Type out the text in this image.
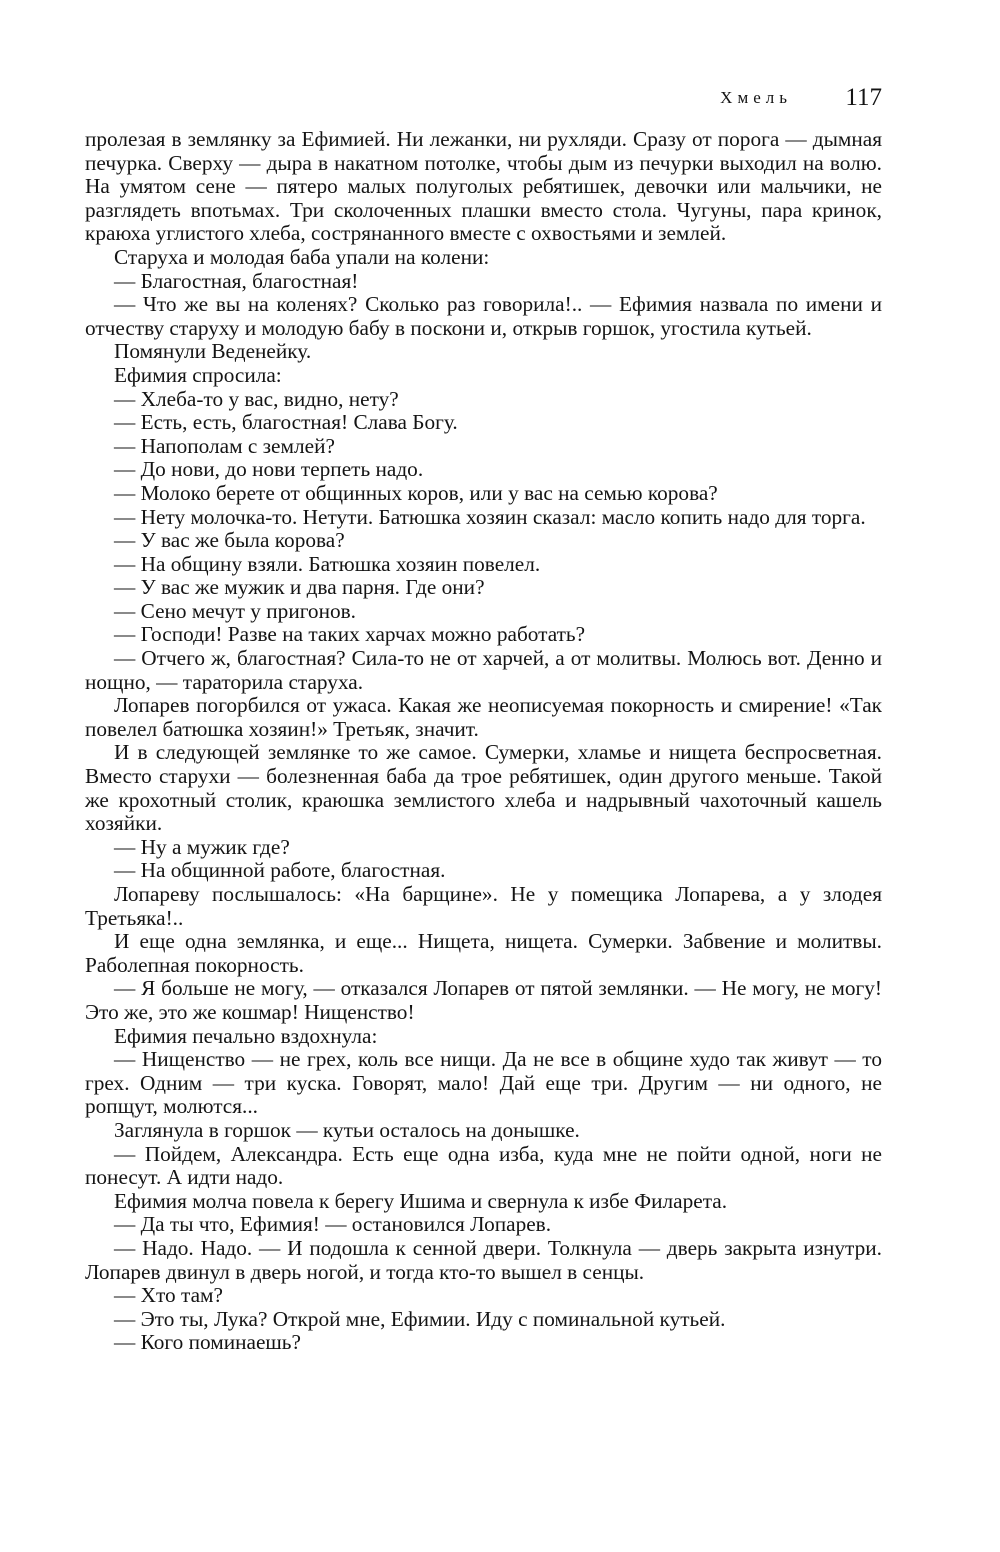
Хмель 117

пролезая в землянку за Ефимией. Ни лежанки, ни рухляди. Сразу от порога — дымная печурка. Сверху — дыра в накатном потолке, чтобы дым из печурки выходил на волю. На умятом сене — пятеро малых полуголых ребятишек, девочки или мальчики, не разглядеть впотьмах. Три сколоченных плашки вместо стола. Чугуны, пара кринок, краюха углистого хлеба, сострянанного вместе с охвостьями и землей.

Старуха и молодая баба упали на колени:

— Благостная, благостная!

— Что же вы на коленях? Сколько раз говорила!.. — Ефимия назвала по имени и отчеству старуху и молодую бабу в поскони и, открыв горшок, угостила кутьей.

Помянули Веденейку.

Ефимия спросила:

— Хлеба-то у вас, видно, нету?

— Есть, есть, благостная! Слава Богу.

— Напополам с землей?

— До нови, до нови терпеть надо.

— Молоко берете от общинных коров, или у вас на семью корова?

— Нету молочка-то. Нетути. Батюшка хозяин сказал: масло копить надо для торга.

— У вас же была корова?

— На общину взяли. Батюшка хозяин повелел.

— У вас же мужик и два парня. Где они?

— Сено мечут у пригонов.

— Господи! Разве на таких харчах можно работать?

— Отчего ж, благостная? Сила-то не от харчей, а от молитвы. Молюсь вот. Денно и нощно, — тараторила старуха.

Лопарев погорбился от ужаса. Какая же неописуемая покорность и смирение! «Так повелел батюшка хозяин!» Третьяк, значит.

И в следующей землянке то же самое. Сумерки, хламье и нищета беспросветная. Вместо старухи — болезненная баба да трое ребятишек, один другого меньше. Такой же крохотный столик, краюшка землистого хлеба и надрывный чахоточный кашель хозяйки.

— Ну а мужик где?

— На общинной работе, благостная.

Лопареву послышалось: «На барщине». Не у помещика Лопарева, а у злодея Третьяка!..

И еще одна землянка, и еще... Нищета, нищета. Сумерки. Забвение и молитвы. Раболепная покорность.

— Я больше не могу, — отказался Лопарев от пятой землянки. — Не могу, не могу! Это же, это же кошмар! Нищенство!

Ефимия печально вздохнула:

— Нищенство — не грех, коль все нищи. Да не все в общине худо так живут — то грех. Одним — три куска. Говорят, мало! Дай еще три. Другим — ни одного, не ропщут, молются...

Заглянула в горшок — кутьи осталось на донышке.

— Пойдем, Александра. Есть еще одна изба, куда мне не пойти одной, ноги не понесут. А идти надо.

Ефимия молча повела к берегу Ишима и свернула к избе Филарета.

— Да ты что, Ефимия! — остановился Лопарев.

— Надо. Надо. — И подошла к сенной двери. Толкнула — дверь закрыта изнутри. Лопарев двинул в дверь ногой, и тогда кто-то вышел в сенцы.

— Хто там?

— Это ты, Лука? Открой мне, Ефимии. Иду с поминальной кутьей.

— Кого поминаешь?
